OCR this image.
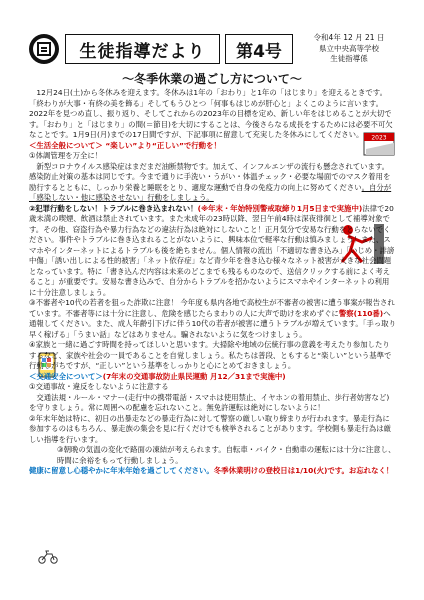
生徒指導だより	第4号
令和4年 12 月 21 日
県立中央高等学校
生徒指導係
～冬季休業の過ごし方について～
2023

12月24日(土)から冬休みを迎えます。冬休みは1年の「おわり」と1年の「はじまり」を迎えるときです。「終わりが大事・有終の美を飾る」そしてもうひとつ「何事もはじめが肝心と」よくこのように言います。2022年を見つめ直し、振り返り、そしてこれからの2023年の目標を定め、新しい年をはじめることが大切です。「おわり」と「はじまり」の間(＝節目)を大切にすることは、今後さらなる成長をするためには必要不可欠なことです。1月9日(月)までの17日間ですが、下記事項に留意して充実した冬休みにしてください。

＜生活全般について＞ “楽しい”より“正しい”で行動を！

①体調管理を万全に！

新型コロナウイルス感染症はまだまだ油断禁物です。加えて、インフルエンザの流行も懸念されています。感染防止対策の基本は同じです。今まで通りに手洗い・うがい・体温チェック・必要な場面でのマスク着用を励行するとともに、しっかり栄養と睡眠をとり、適度な運動で自身の免疫力の向上に努めてください。自分が「感染しない・他に感染させない」行動をしましょう。

②犯罪行動をしない！トラブルに巻き込まれない！(※年末・年始特別警戒取締り1月5日まで実施中)法律で20歳未満の喫煙、飲酒は禁止されています。また未成年の23時以降、翌日午前4時は深夜徘徊として補導対象です。その他、窃盗行為や暴力行為などの違法行為は絶対にしないこと！正月気分で安易な行動をとらないでください。事件やトラブルに巻き込まれることがないように、興味本位で軽率な行動は慎みましょう！また、スマホやインターネットによるトラブルも後を絶ちません。個人情報の流出「不適切な書き込み」「いじめ・誹謗中傷」「誘い出しによる性的被害」「ネット依存症」など青少年を巻き込む様々なネット被害が大きな社会問題となっています。特に「書き込んだ内容は未来のどこまでも残るものなので、送信クリックする前によく考えること」が重要です。安易な書き込みで、自分からトラブルを招かないようにスマホやインターネットの利用に十分注意しましょう。

③不審者や10代の若者を狙った詐欺に注意！ 今年度も県内各地で高校生が不審者の被害に遭う事案が報告されています。不審者等には十分に注意し、危険を感じたらまわりの人に大声で助けを求めずぐに警察(110番)へ通報してください。また、成人年齢引下げに伴う10代の若者が被害に遭うトラブルが増えています。「手っ取り早く稼げる」「うまい話」などはありません。騙されないように気をつけましょう。

④家族と一緒に過ごす時間を持ってほしいと思います。大掃除や地域の伝統行事の意義を考えたり参加したりするなど、家族や社会の一員であることを自覚しましょう。私たちは普段、ともすると“楽しい”という基準で行動しがちですが、“正しい”という基準をしっかりと心にとめておきましょう。

＜交通安全について＞(7年末の交通事故防止県民運動 月12／31まで実施中)

①交通事故・違反をしないように注意する

交通法規・ルール・マナー(走行中の携帯電話・スマホは使用禁止、イヤホンの着用禁止、歩行者妨害など)を守りましょう。常に周囲への配慮を忘れないこと。無免許運転は絶対にしないように！

②年末年始は特に、初日の出暴走などの暴走行為に対して警察の厳しい取り締まりが行われます。暴走行為に参加するのはもちろん、暴走族の集会を見に行くだけでも検挙されることがあります。学校側も暴走行為は厳しい指導を行います。

③朝晩の気温の変化で路面の凍結が考えられます。自転車・バイク・自動車の運転には十分に注意し、時間に余裕をもって行動しましょう。

健康に留意し心穏やかに年末年始を過ごしてください。冬季休業明けの登校日は1/10(火)です。お忘れなく！
